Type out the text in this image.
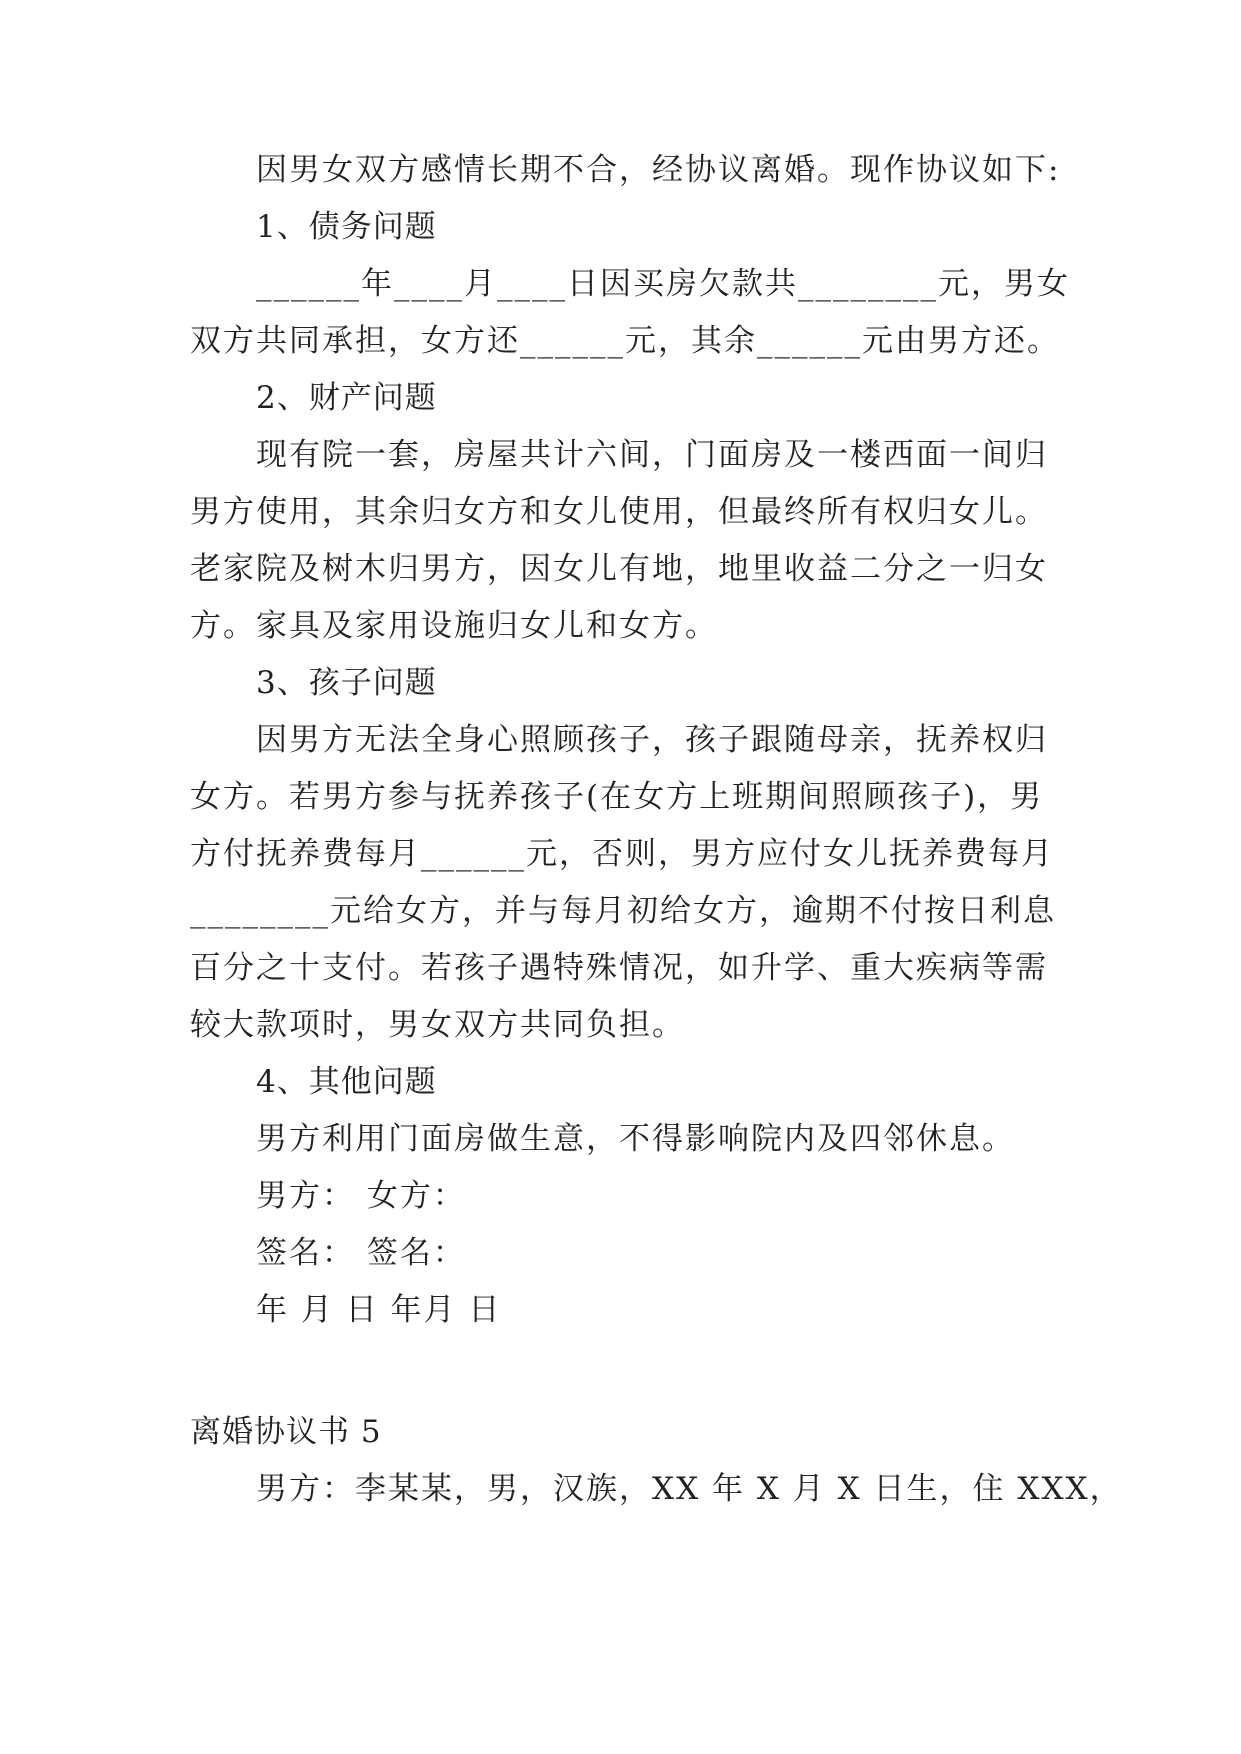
因男女双方感情长期不合，经协议离婚。现作协议如下:
1、债务问题
______年____月____日因买房欠款共________元，男女
双方共同承担，女方还______元，其余______元由男方还。
2、财产问题
现有院一套，房屋共计六间，门面房及一楼西面一间归
男方使用，其余归女方和女儿使用，但最终所有权归女儿。
老家院及树木归男方，因女儿有地，地里收益二分之一归女
方。家具及家用设施归女儿和女方。
3、孩子问题
因男方无法全身心照顾孩子，孩子跟随母亲，抚养权归
女方。若男方参与抚养孩子(在女方上班期间照顾孩子)，男
方付抚养费每月______元，否则，男方应付女儿抚养费每月
________元给女方，并与每月初给女方，逾期不付按日利息
百分之十支付。若孩子遇特殊情况，如升学、重大疾病等需
较大款项时，男女双方共同负担。
4、其他问题
男方利用门面房做生意，不得影响院内及四邻休息。
男方： 女方：
签名： 签名：
年 月 日 年月 日
离婚协议书 5
男方：李某某，男，汉族，XX 年 X 月 X 日生，住 XXX，
